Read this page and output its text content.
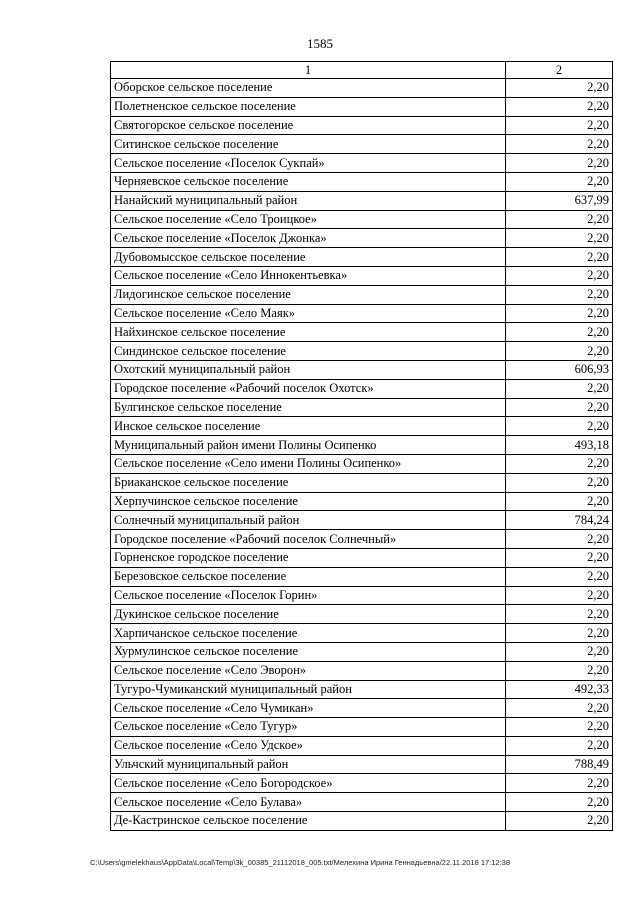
1585
1	2
Оборское сельское поселение	2,20
Полетненское сельское поселение	2,20
Святогорское сельское поселение	2,20
Ситинское сельское поселение	2,20
Сельское поселение «Поселок Сукпай»	2,20
Черняевское сельское поселение	2,20
Нанайский муниципальный район	637,99
Сельское поселение «Село Троицкое»	2,20
Сельское поселение «Поселок Джонка»	2,20
Дубовомысское сельское поселение	2,20
Сельское поселение «Село Иннокентьевка»	2,20
Лидогинское сельское поселение	2,20
Сельское поселение «Село Маяк»	2,20
Найхинское сельское поселение	2,20
Синдинское сельское поселение	2,20
Охотский муниципальный район	606,93
Городское поселение «Рабочий поселок Охотск»	2,20
Булгинское сельское поселение	2,20
Инское сельское поселение	2,20
Муниципальный район имени Полины Осипенко	493,18
Сельское поселение «Село имени Полины Осипенко»	2,20
Бриаканское сельское поселение	2,20
Херпучинское сельское поселение	2,20
Солнечный муниципальный район	784,24
Городское поселение «Рабочий поселок Солнечный»	2,20
Горненское городское поселение	2,20
Березовское сельское поселение	2,20
Сельское поселение «Поселок Горин»	2,20
Дукинское сельское поселение	2,20
Харпичанское сельское поселение	2,20
Хурмулинское сельское поселение	2,20
Сельское поселение «Село Эворон»	2,20
Тугуро-Чумиканский муниципальный район	492,33
Сельское поселение «Село Чумикан»	2,20
Сельское поселение «Село Тугур»	2,20
Сельское поселение «Село Удское»	2,20
Ульчский муниципальный район	788,49
Сельское поселение «Село Богородское»	2,20
Сельское поселение «Село Булава»	2,20
Де-Кастринское сельское поселение	2,20
C:\Users\gmelekhaus\AppData\Local\Temp\3k_00385_21112018_005.txt/Мелехина Ирина Геннадьевна/22.11.2018 17:12:38
